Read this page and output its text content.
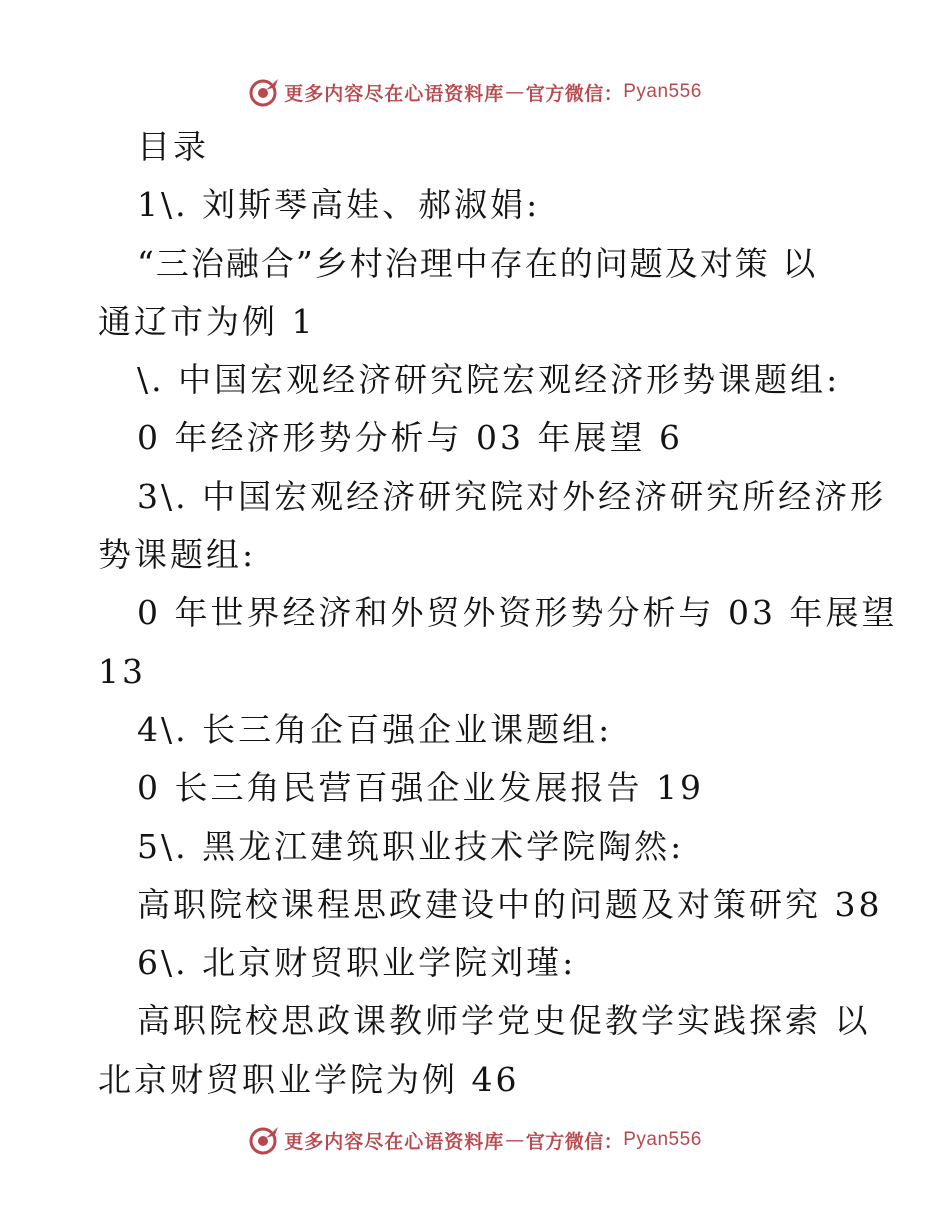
更多内容尽在心语资料库 — 官方微信： Pyan556

目录

1\. 刘斯琴高娃、郝淑娟:

“三治融合”乡村治理中存在的问题及对策 以

通辽市为例 1

\. 中国宏观经济研究院宏观经济形势课题组:

0 年经济形势分析与 03 年展望 6

3\. 中国宏观经济研究院对外经济研究所经济形

势课题组:

0 年世界经济和外贸外资形势分析与 03 年展望

13

4\. 长三角企百强企业课题组:

0 长三角民营百强企业发展报告 19

5\. 黑龙江建筑职业技术学院陶然:

高职院校课程思政建设中的问题及对策研究 38

6\. 北京财贸职业学院刘瑾:

高职院校思政课教师学党史促教学实践探索 以

北京财贸职业学院为例 46

更多内容尽在心语资料库 — 官方微信： Pyan556
